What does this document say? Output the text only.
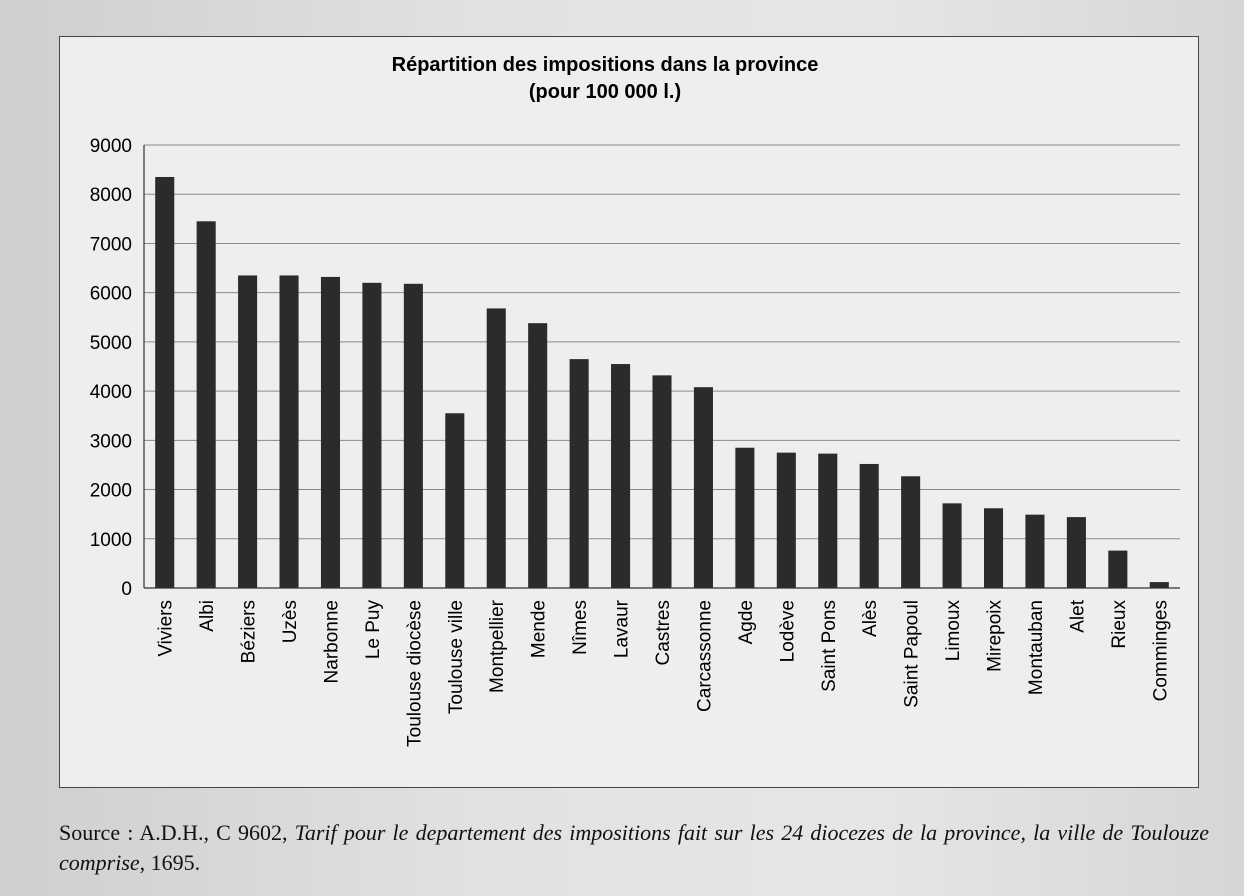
Répartition des impositions dans la province
(pour 100 000 l.)
0
1000
2000
3000
4000
5000
6000
7000
8000
9000
Viviers Albi Béziers Uzès Narbonne Le Puy Toulouse diocèse Toulouse ville Montpellier Mende Nîmes Lavaur Castres Carcassonne Agde Lodève Saint Pons Alès Saint Papoul Limoux Mirepoix Montauban Alet Rieux Comminges
Source : A.D.H., C 9602, Tarif pour le departement des impositions fait sur les 24 diocezes de la province, la ville de Toulouze comprise, 1695.
